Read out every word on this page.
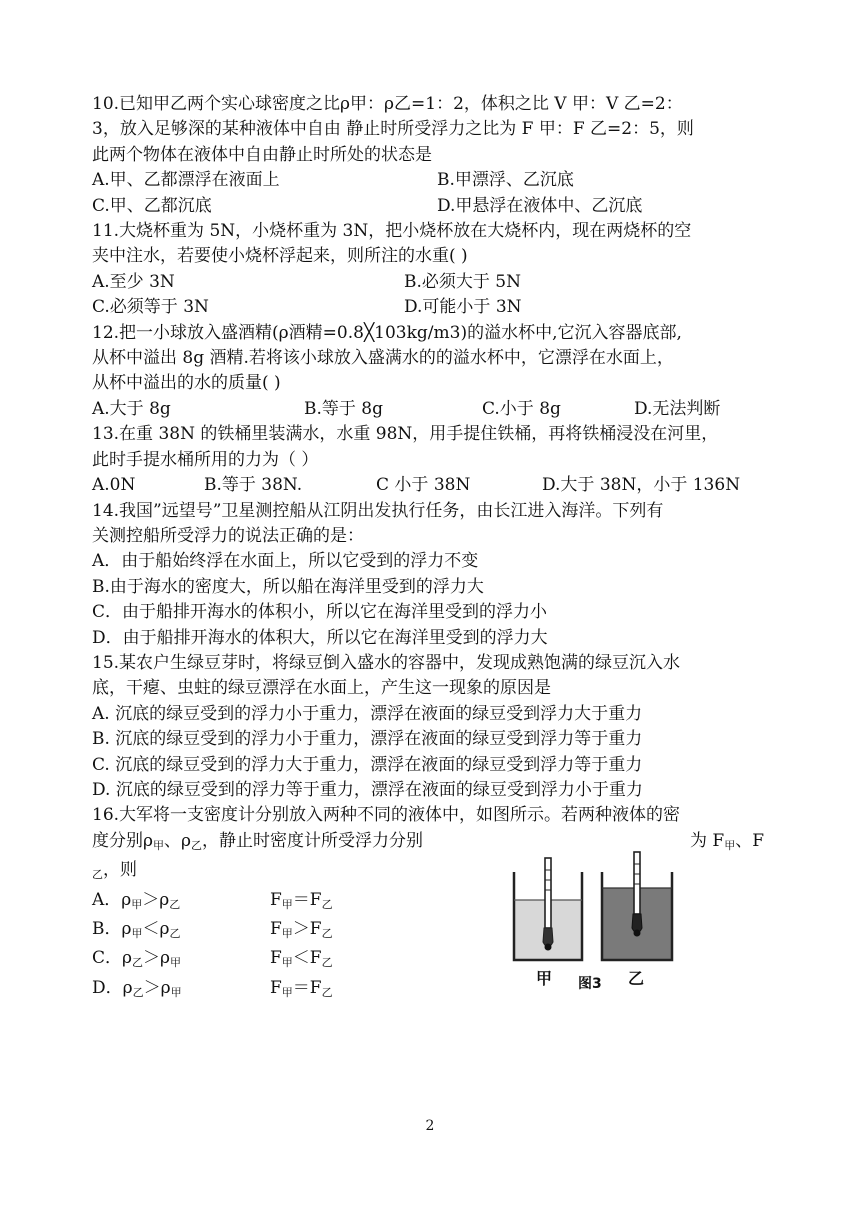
10.已知甲乙两个实心球密度之比ρ甲：ρ乙=1：2，体积之比 V 甲：V 乙=2：
3，放入足够深的某种液体中自由 静止时所受浮力之比为 F 甲：F 乙=2：5，则
此两个物体在液体中自由静止时所处的状态是
A.甲、乙都漂浮在液面上	B.甲漂浮、乙沉底
C.甲、乙都沉底	D.甲悬浮在液体中、乙沉底
11.大烧杯重为 5N，小烧杯重为 3N，把小烧杯放在大烧杯内，现在两烧杯的空
夹中注水，若要使小烧杯浮起来，则所注的水重( )
A.至少 3N	B.必须大于 5N
C.必须等于 3N	D.可能小于 3N
12.把一小球放入盛酒精(ρ酒精=0.8╳103kg/m3)的溢水杯中,它沉入容器底部,
从杯中溢出 8g 酒精.若将该小球放入盛满水的的溢水杯中，它漂浮在水面上，
从杯中溢出的水的质量( )
A.大于 8g	B.等于 8g	C.小于 8g	D.无法判断
13.在重 38N 的铁桶里装满水，水重 98N，用手提住铁桶，再将铁桶浸没在河里，
此时手提水桶所用的力为（ ）
A.0N	B.等于 38N.	C 小于 38N	D.大于 38N，小于 136N
14.我国”远望号”卫星测控船从江阴出发执行任务，由长江进入海洋。下列有
关测控船所受浮力的说法正确的是：
A．由于船始终浮在水面上，所以它受到的浮力不变
B.由于海水的密度大，所以船在海洋里受到的浮力大
C．由于船排开海水的体积小，所以它在海洋里受到的浮力小
D．由于船排开海水的体积大，所以它在海洋里受到的浮力大
15.某农户生绿豆芽时，将绿豆倒入盛水的容器中，发现成熟饱满的绿豆沉入水
底，干瘪、虫蛀的绿豆漂浮在水面上，产生这一现象的原因是
A. 沉底的绿豆受到的浮力小于重力，漂浮在液面的绿豆受到浮力大于重力
B. 沉底的绿豆受到的浮力小于重力，漂浮在液面的绿豆受到浮力等于重力
C. 沉底的绿豆受到的浮力大于重力，漂浮在液面的绿豆受到浮力等于重力
D. 沉底的绿豆受到的浮力等于重力，漂浮在液面的绿豆受到浮力小于重力
16.大军将一支密度计分别放入两种不同的液体中，如图所示。若两种液体的密
度分别$\rho_甲$、$\rho_乙$，静止时密度计所受浮力分别	为 $F_甲$、F
$_乙$，则
A．$\rho_甲>\rho_乙$	$F_甲=F_乙$
B．$\rho_甲<\rho_乙$	$F_甲>F_乙$
C．$\rho_乙>\rho_甲$	$F_甲<F_乙$
D．$\rho_乙>\rho_甲$	$F_甲=F_乙$
甲 图3 乙
2
